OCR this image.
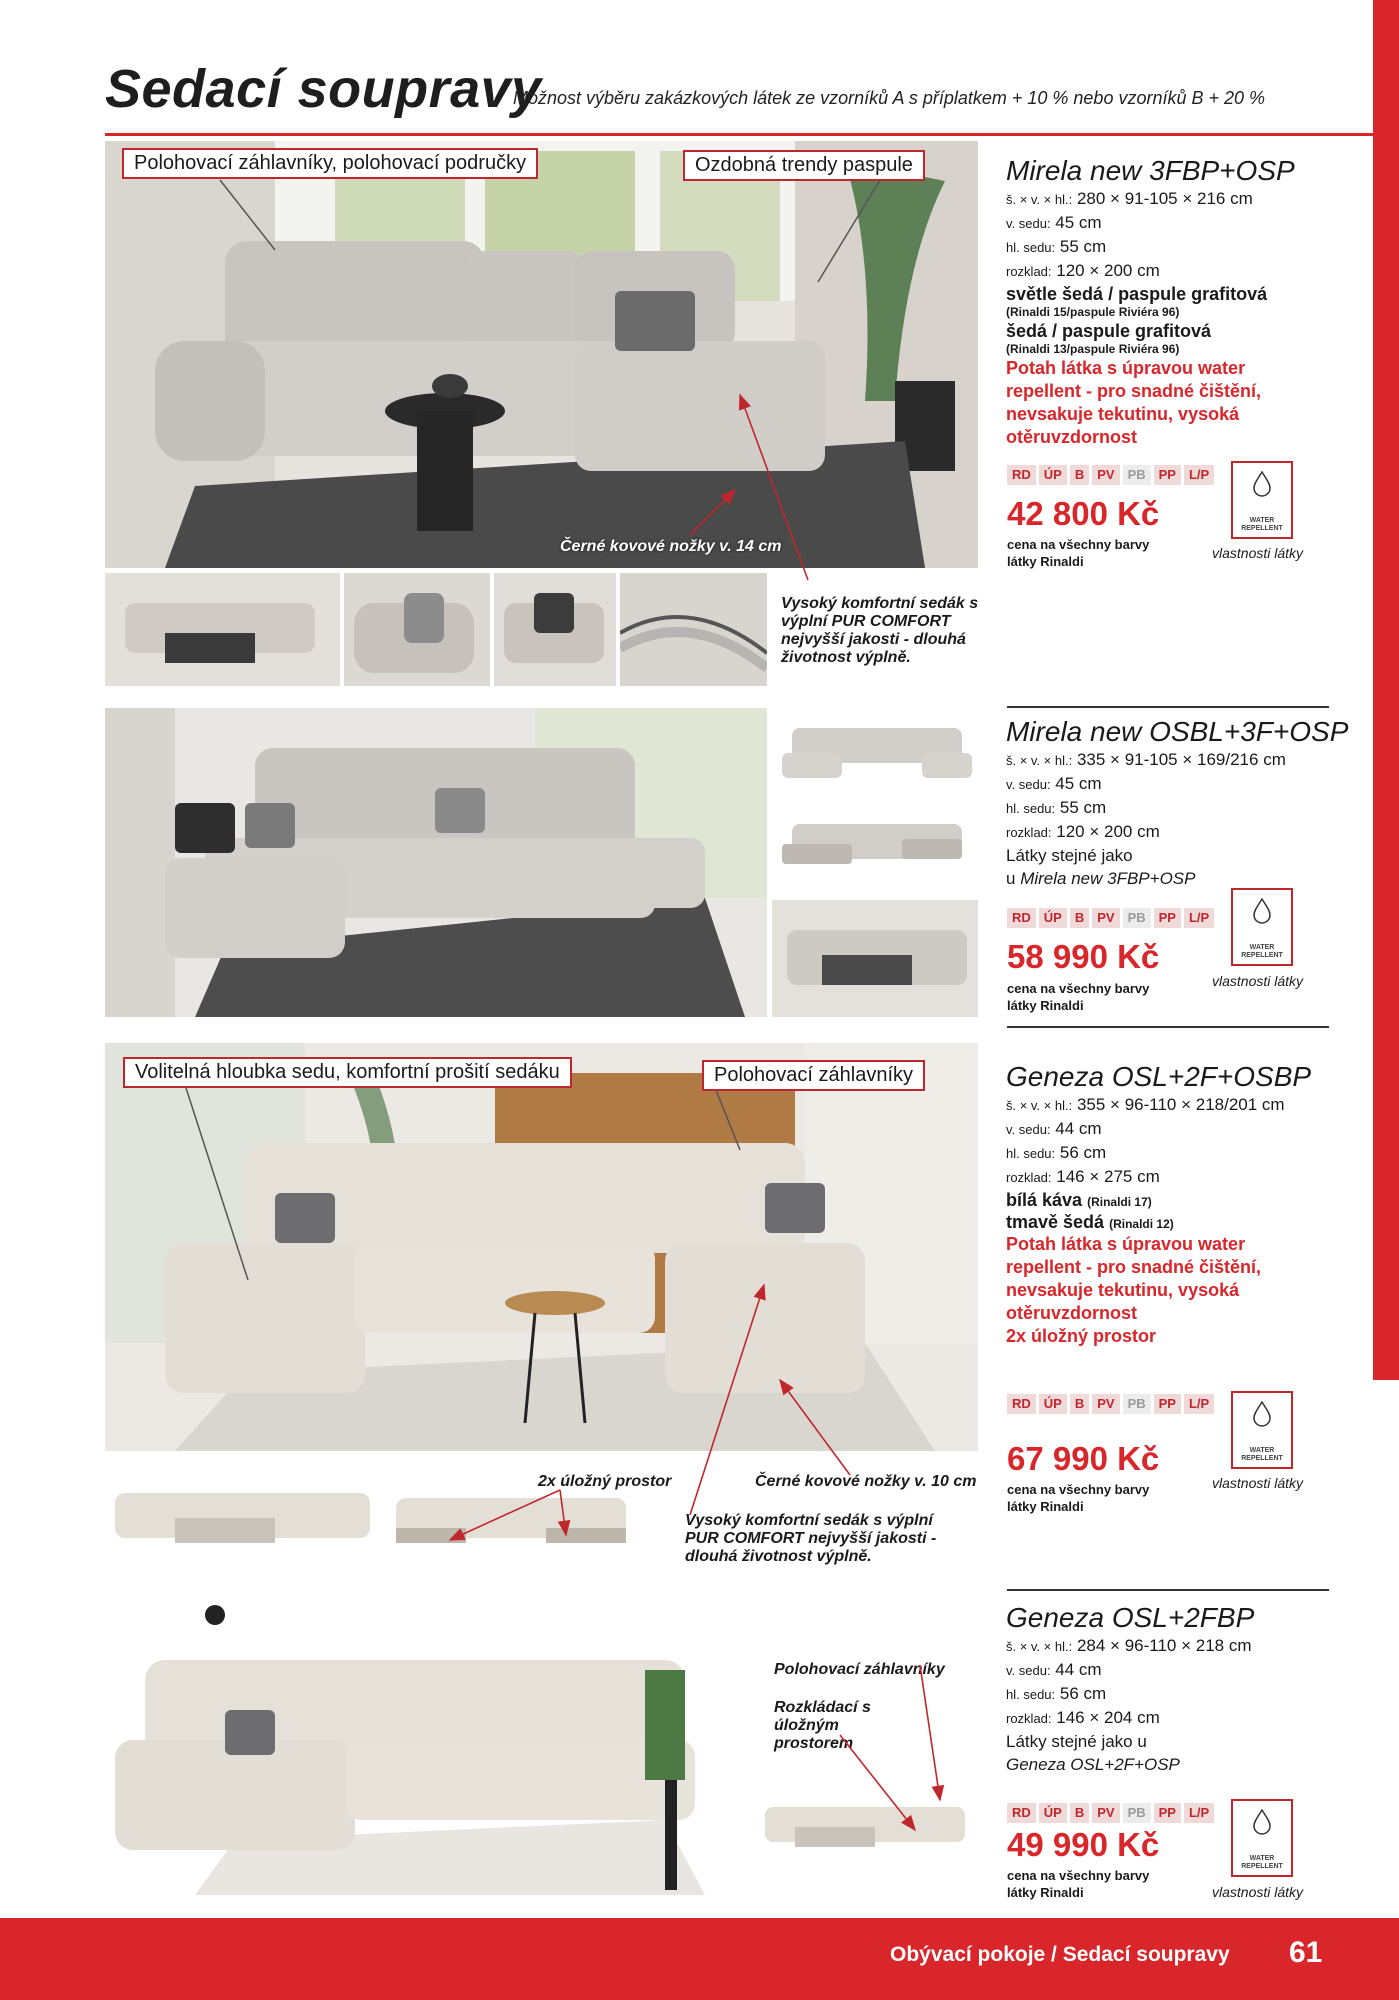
Sedací soupravy
Možnost výběru zakázkových látek ze vzorníků A s příplatkem + 10 % nebo vzorníků B + 20 %
Polohovací záhlavníky, polohovací područky	Ozdobná trendy paspule
Černé kovové nožky v. 14 cm
Vysoký komfortní sedák s výplní PUR COMFORT nejvyšší jakosti - dlouhá životnost výplně.
Mirela new 3FBP+OSP
š. × v. × hl.: 280 × 91-105 × 216 cm
v. sedu: 45 cm
hl. sedu: 55 cm
rozklad: 120 × 200 cm
světle šedá / paspule grafitová
(Rinaldi 15/paspule Riviéra 96)
šedá / paspule grafitová
(Rinaldi 13/paspule Riviéra 96)
Potah látka s úpravou water repellent - pro snadné čištění, nevsakuje tekutinu, vysoká otěruvzdornost
RD	ÚP	B	PV	PB	PP	L/P
42 800 Kč
cena na všechny barvy látky Rinaldi
WATER REPELLENT
vlastnosti látky
Mirela new OSBL+3F+OSP
š. × v. × hl.: 335 × 91-105 × 169/216 cm
v. sedu: 45 cm
hl. sedu: 55 cm
rozklad: 120 × 200 cm
Látky stejné jako
u Mirela new 3FBP+OSP
RD	ÚP	B	PV	PB	PP	L/P
58 990 Kč
cena na všechny barvy látky Rinaldi
WATER REPELLENT
vlastnosti látky
Volitelná hloubka sedu, komfortní prošití sedáku	Polohovací záhlavníky
2x úložný prostor	Černé kovové nožky v. 10 cm
Vysoký komfortní sedák s výplní PUR COMFORT nejvyšší jakosti - dlouhá životnost výplně.
Geneza OSL+2F+OSBP
š. × v. × hl.: 355 × 96-110 × 218/201 cm
v. sedu: 44 cm
hl. sedu: 56 cm
rozklad: 146 × 275 cm
bílá káva (Rinaldi 17)
tmavě šedá (Rinaldi 12)
Potah látka s úpravou water repellent - pro snadné čištění, nevsakuje tekutinu, vysoká otěruvzdornost
2x úložný prostor
RD	ÚP	B	PV	PB	PP	L/P
67 990 Kč
cena na všechny barvy látky Rinaldi
WATER REPELLENT
vlastnosti látky
Polohovací záhlavníky
Rozkládací s úložným prostorem
Geneza OSL+2FBP
š. × v. × hl.: 284 × 96-110 × 218 cm
v. sedu: 44 cm
hl. sedu: 56 cm
rozklad: 146 × 204 cm
Látky stejné jako u
Geneza OSL+2F+OSP
RD	ÚP	B	PV	PB	PP	L/P
49 990 Kč
cena na všechny barvy látky Rinaldi
WATER REPELLENT
vlastnosti látky
Obývací pokoje / Sedací soupravy 61
